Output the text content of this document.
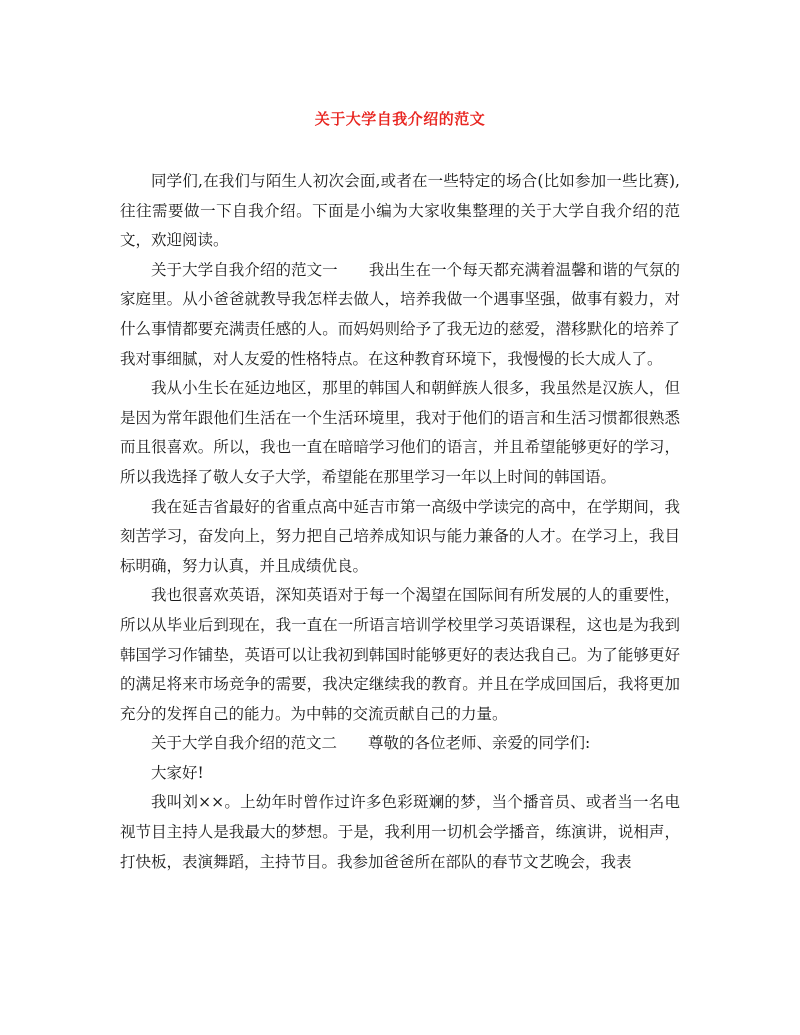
关于大学自我介绍的范文

同学们,在我们与陌生人初次会面,或者在一些特定的场合(比如参加一些比赛),往往需要做一下自我介绍。下面是小编为大家收集整理的关于大学自我介绍的范文，欢迎阅读。

关于大学自我介绍的范文一　　我出生在一个每天都充满着温馨和谐的气氛的家庭里。从小爸爸就教导我怎样去做人，培养我做一个遇事坚强，做事有毅力，对什么事情都要充满责任感的人。而妈妈则给予了我无边的慈爱，潜移默化的培养了我对事细腻，对人友爱的性格特点。在这种教育环境下，我慢慢的长大成人了。

我从小生长在延边地区，那里的韩国人和朝鲜族人很多，我虽然是汉族人，但是因为常年跟他们生活在一个生活环境里，我对于他们的语言和生活习惯都很熟悉而且很喜欢。所以，我也一直在暗暗学习他们的语言，并且希望能够更好的学习，所以我选择了敬人女子大学，希望能在那里学习一年以上时间的韩国语。

我在延吉省最好的省重点高中延吉市第一高级中学读完的高中，在学期间，我刻苦学习，奋发向上，努力把自己培养成知识与能力兼备的人才。在学习上，我目标明确，努力认真，并且成绩优良。

我也很喜欢英语，深知英语对于每一个渴望在国际间有所发展的人的重要性，所以从毕业后到现在，我一直在一所语言培训学校里学习英语课程，这也是为我到韩国学习作铺垫，英语可以让我初到韩国时能够更好的表达我自己。为了能够更好的满足将来市场竞争的需要，我决定继续我的教育。并且在学成回国后，我将更加充分的发挥自己的能力。为中韩的交流贡献自己的力量。

关于大学自我介绍的范文二　　尊敬的各位老师、亲爱的同学们:

大家好!

我叫刘××。上幼年时曾作过许多色彩斑斓的梦，当个播音员、或者当一名电视节目主持人是我最大的梦想。于是，我利用一切机会学播音，练演讲，说相声，打快板，表演舞蹈，主持节目。我参加爸爸所在部队的春节文艺晚会，我表
